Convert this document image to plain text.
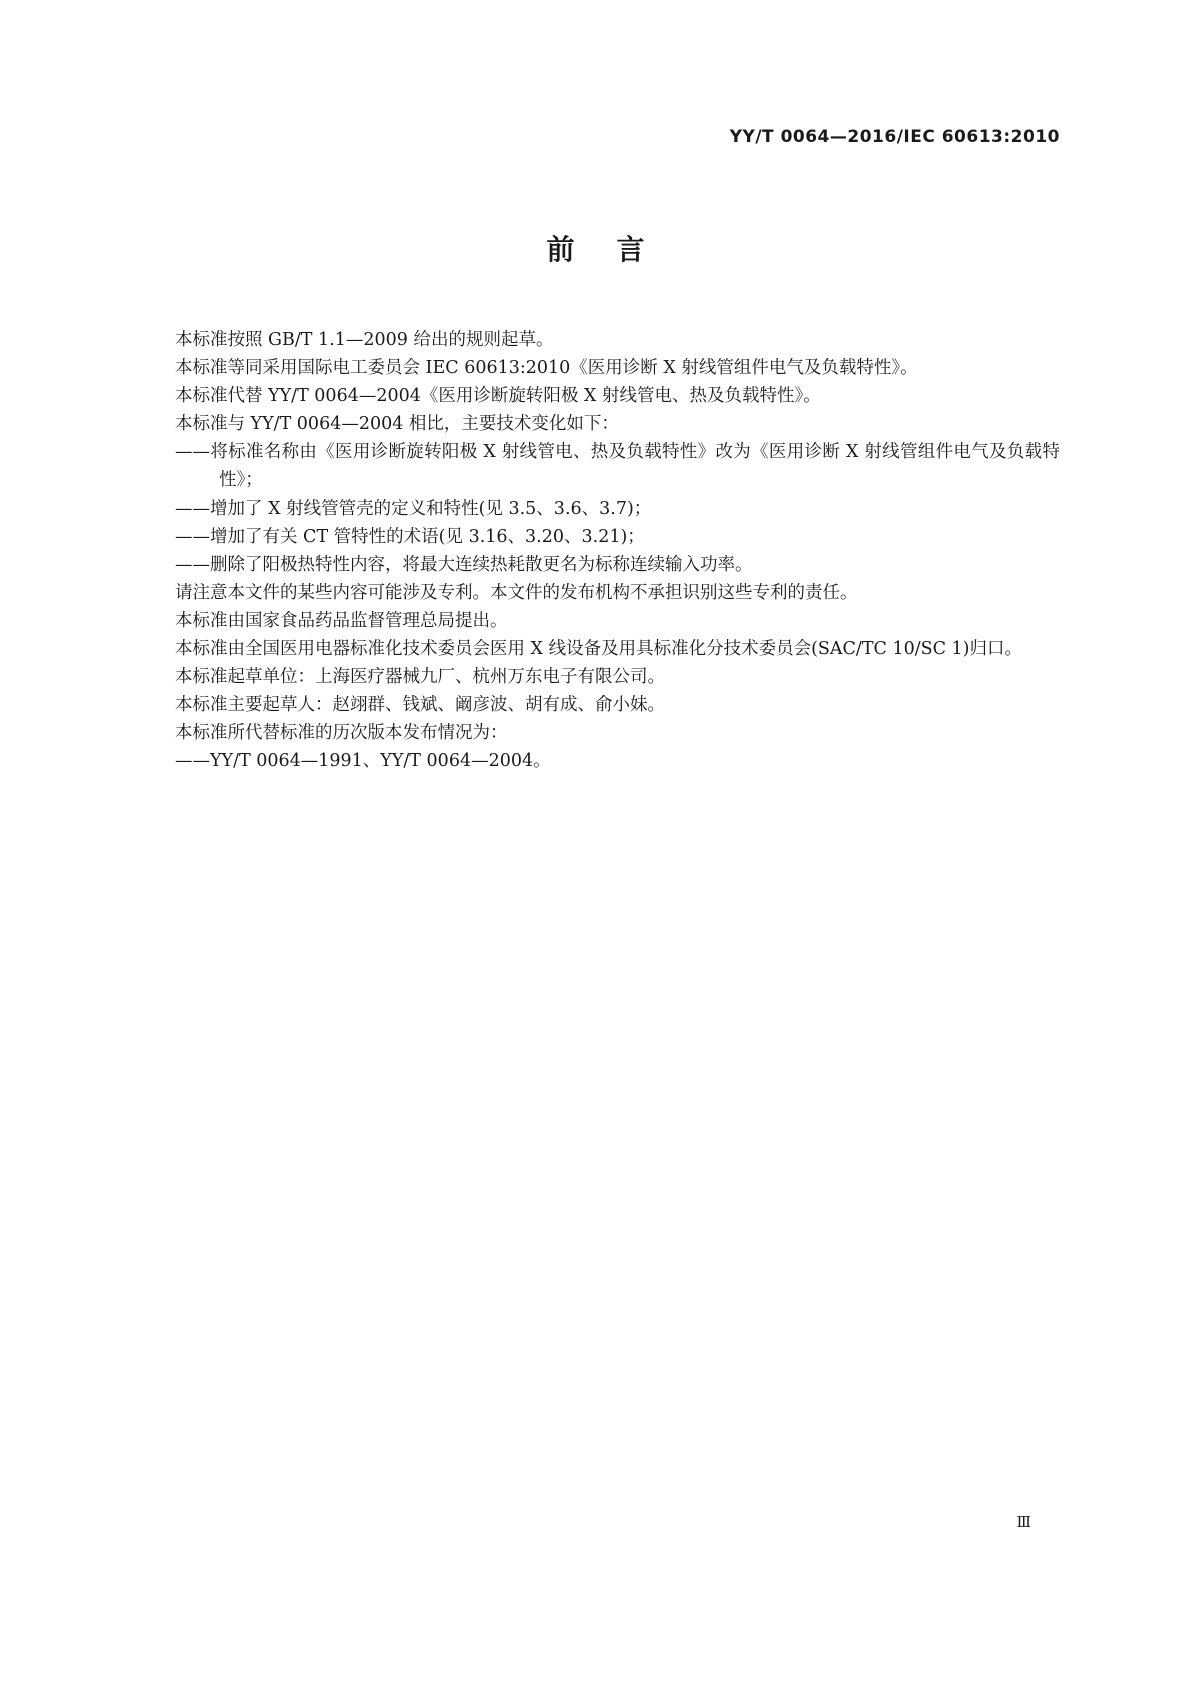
YY/T 0064—2016/IEC 60613:2010
前言

本标准按照 GB/T 1.1—2009 给出的规则起草。

本标准等同采用国际电工委员会 IEC 60613:2010《医用诊断 X 射线管组件电气及负载特性》。

本标准代替 YY/T 0064—2004《医用诊断旋转阳极 X 射线管电、热及负载特性》。

本标准与 YY/T 0064—2004 相比，主要技术变化如下：

——将标准名称由《医用诊断旋转阳极 X 射线管电、热及负载特性》改为《医用诊断 X 射线管组件电气及负载特性》；

——增加了 X 射线管管壳的定义和特性(见 3.5、3.6、3.7)；

——增加了有关 CT 管特性的术语(见 3.16、3.20、3.21)；

——删除了阳极热特性内容，将最大连续热耗散更名为标称连续输入功率。

请注意本文件的某些内容可能涉及专利。本文件的发布机构不承担识别这些专利的责任。

本标准由国家食品药品监督管理总局提出。

本标准由全国医用电器标准化技术委员会医用 X 线设备及用具标准化分技术委员会(SAC/TC 10/SC 1)归口。

本标准起草单位：上海医疗器械九厂、杭州万东电子有限公司。

本标准主要起草人：赵翊群、钱斌、阚彦波、胡有成、俞小妹。

本标准所代替标准的历次版本发布情况为：

——YY/T 0064—1991、YY/T 0064—2004。

Ⅲ
